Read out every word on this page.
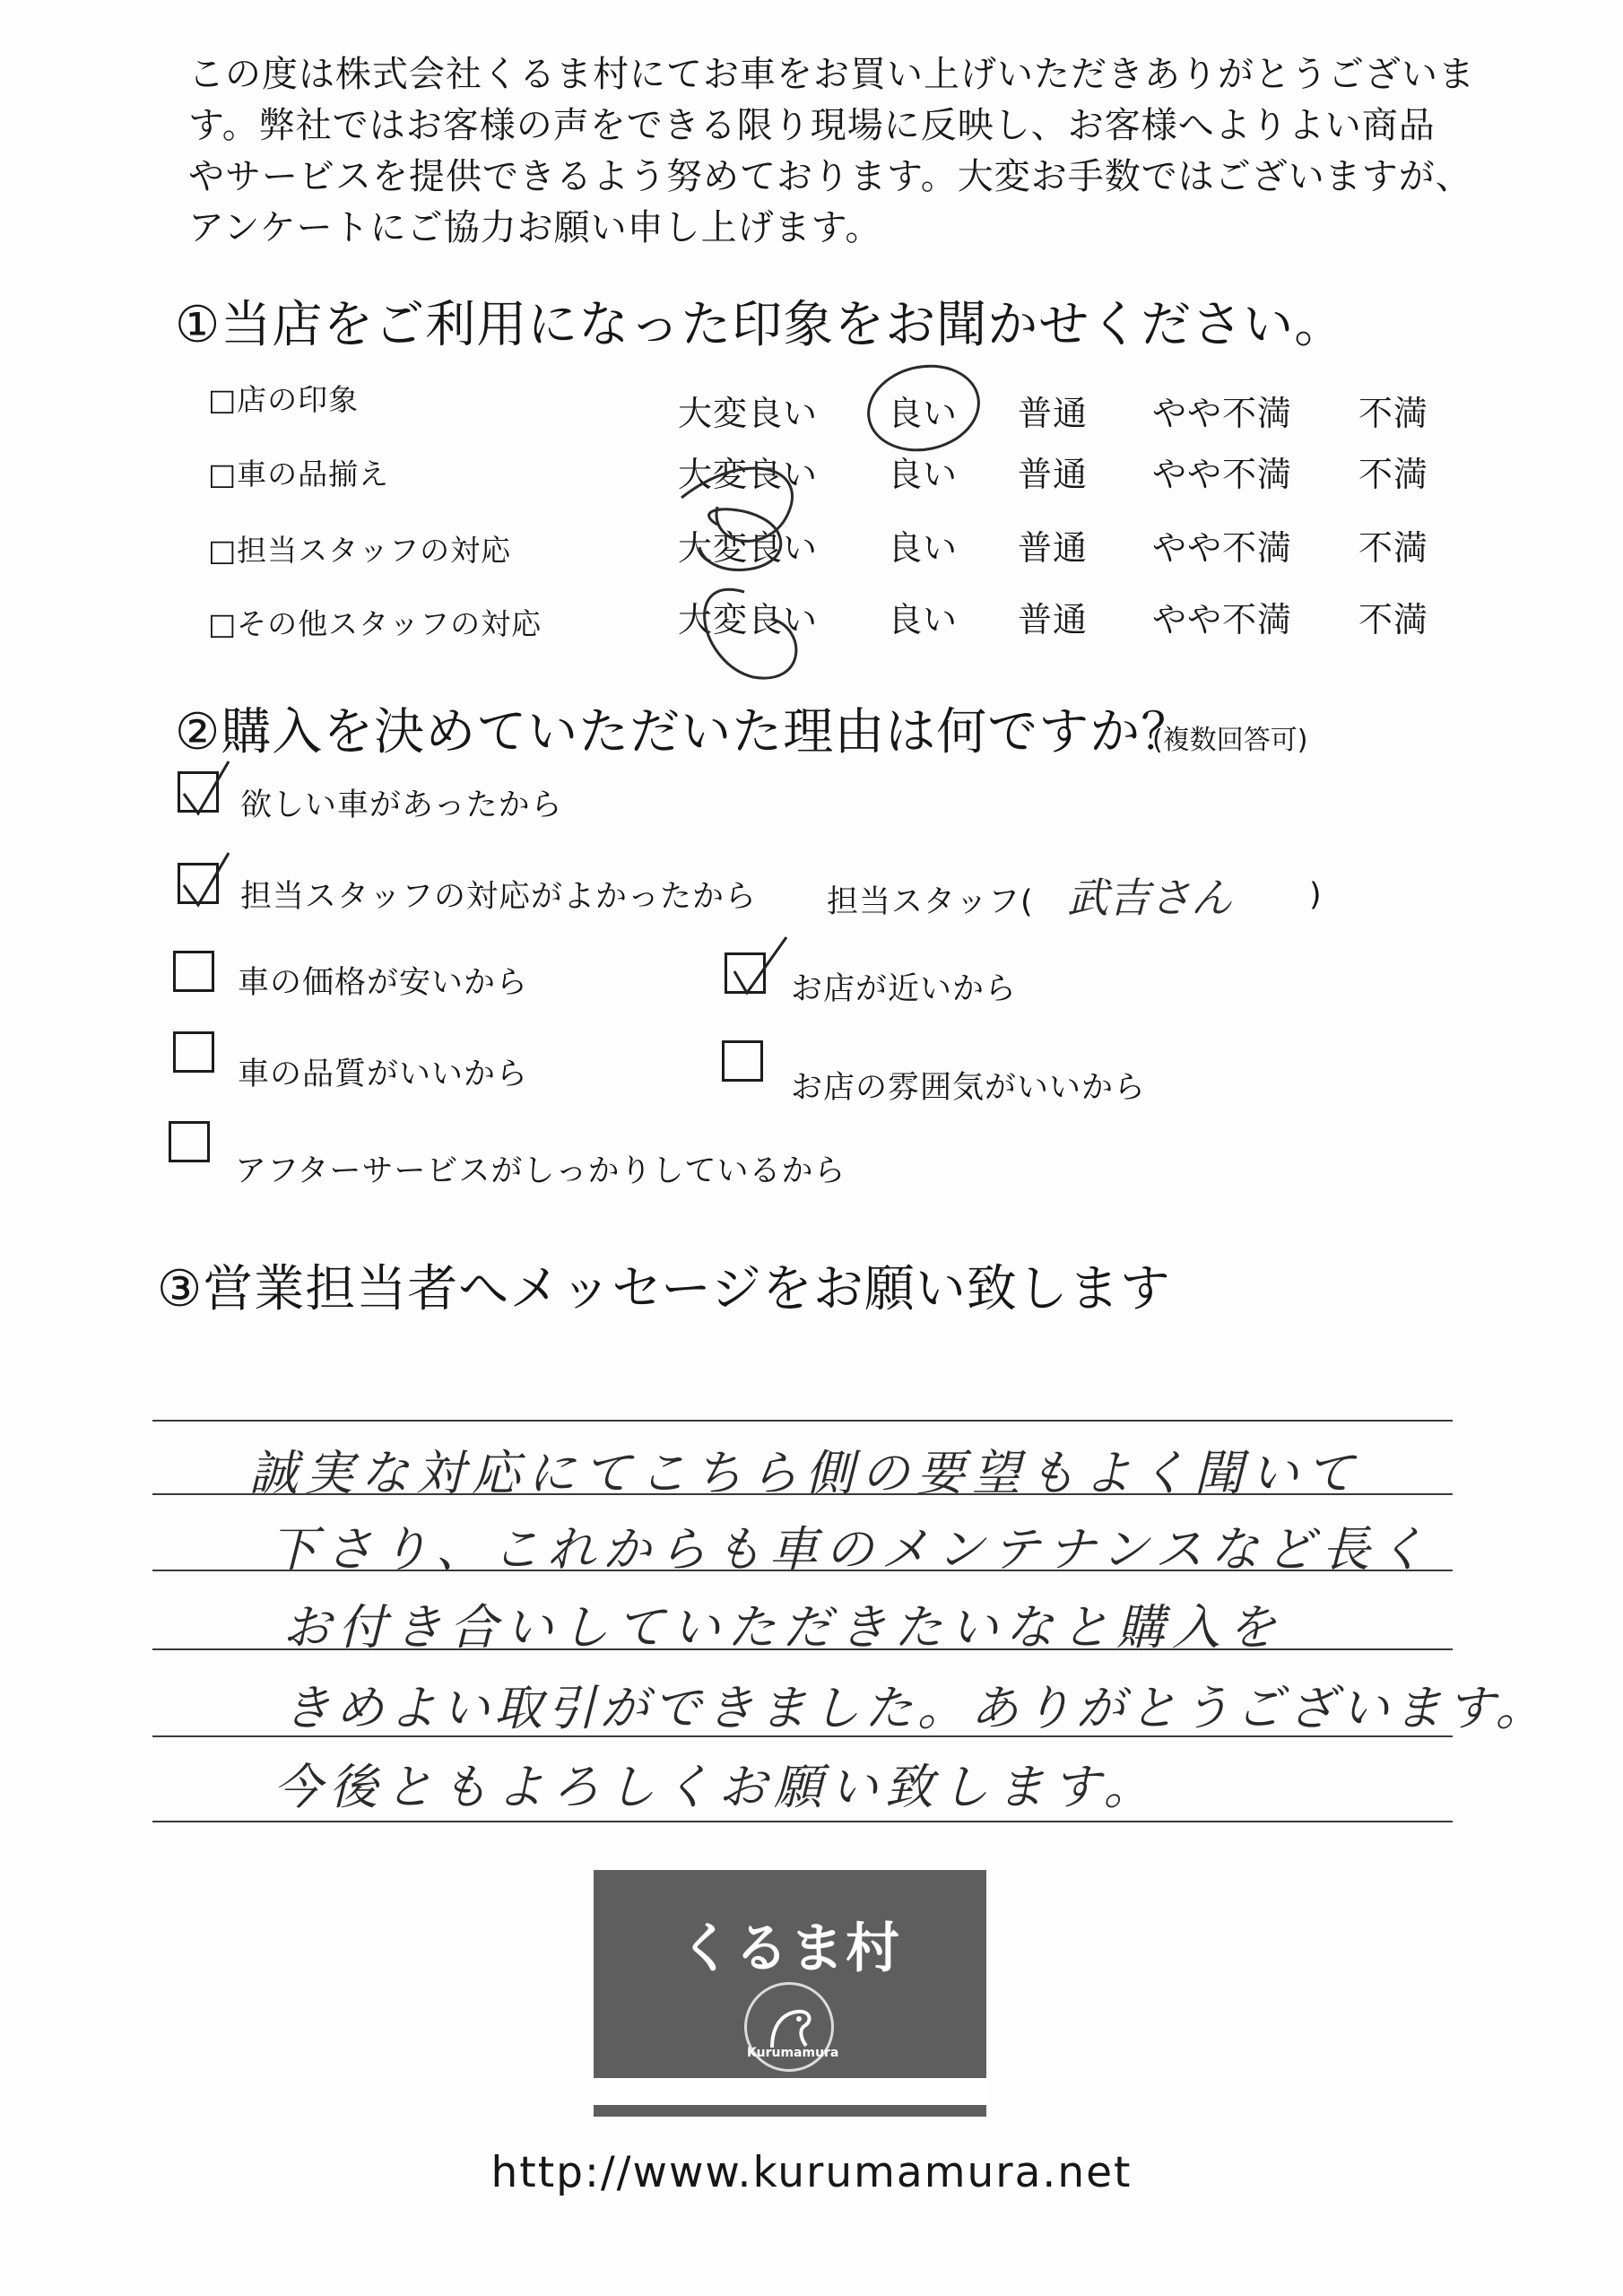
この度は株式会社くるま村にてお車をお買い上げいただきありがとうございま
す。弊社ではお客様の声をできる限り現場に反映し、お客様へよりよい商品
やサービスを提供できるよう努めております。大変お手数ではございますが、
アンケートにご協力お願い申し上げます。
①当店をご利用になった印象をお聞かせください。
□店の印象	大変良い 良い 普通 やや不満 不満
□車の品揃え	大変良い 良い 普通 やや不満 不満
□担当スタッフの対応	大変良い 良い 普通 やや不満 不満
□その他スタッフの対応	大変良い 良い 普通 やや不満 不満
②購入を決めていただいた理由は何ですか？
(複数回答可)
欲しい車があったから
担当スタッフの対応がよかったから 担当スタッフ( 武吉さん )
車の価格が安いから	お店が近いから
車の品質がいいから	お店の雰囲気がいいから
アフターサービスがしっかりしているから
③営業担当者へメッセージをお願い致します
誠実な対応にてこちら側の要望もよく聞いて
下さり、これからも車のメンテナンスなど長く
お付き合いしていただきたいなと購入を
きめよい取引ができました。ありがとうございます。
今後ともよろしくお願い致します。
くるま村
Kurumamura
http://www.kurumamura.net
